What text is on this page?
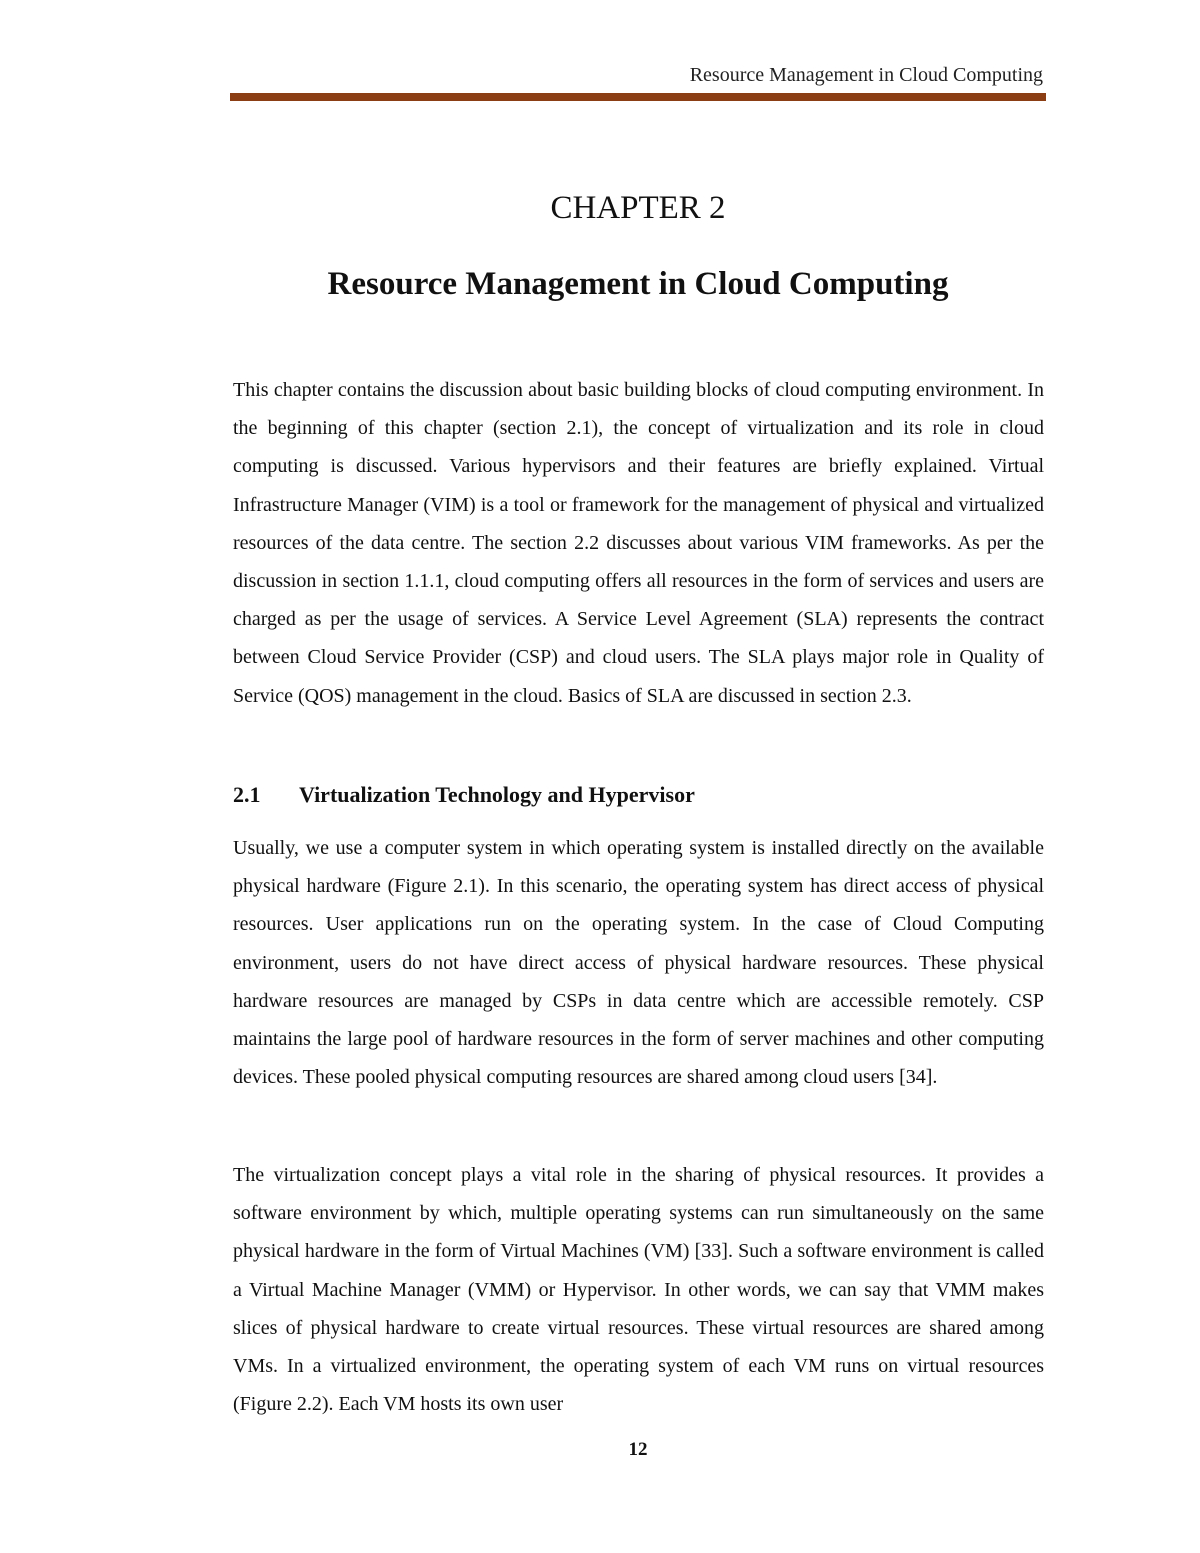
Resource Management in Cloud Computing
CHAPTER 2
Resource Management in Cloud Computing

This chapter contains the discussion about basic building blocks of cloud computing environment. In the beginning of this chapter (section 2.1), the concept of virtualization and its role in cloud computing is discussed. Various hypervisors and their features are briefly explained. Virtual Infrastructure Manager (VIM) is a tool or framework for the management of physical and virtualized resources of the data centre. The section 2.2 discusses about various VIM frameworks. As per the discussion in section 1.1.1, cloud computing offers all resources in the form of services and users are charged as per the usage of services. A Service Level Agreement (SLA) represents the contract between Cloud Service Provider (CSP) and cloud users. The SLA plays major role in Quality of Service (QOS) management in the cloud. Basics of SLA are discussed in section 2.3.

2.1 Virtualization Technology and Hypervisor

Usually, we use a computer system in which operating system is installed directly on the available physical hardware (Figure 2.1). In this scenario, the operating system has direct access of physical resources. User applications run on the operating system. In the case of Cloud Computing environment, users do not have direct access of physical hardware resources. These physical hardware resources are managed by CSPs in data centre which are accessible remotely. CSP maintains the large pool of hardware resources in the form of server machines and other computing devices. These pooled physical computing resources are shared among cloud users [34].

The virtualization concept plays a vital role in the sharing of physical resources. It provides a software environment by which, multiple operating systems can run simultaneously on the same physical hardware in the form of Virtual Machines (VM) [33]. Such a software environment is called a Virtual Machine Manager (VMM) or Hypervisor. In other words, we can say that VMM makes slices of physical hardware to create virtual resources. These virtual resources are shared among VMs. In a virtualized environment, the operating system of each VM runs on virtual resources (Figure 2.2). Each VM hosts its own user

12
